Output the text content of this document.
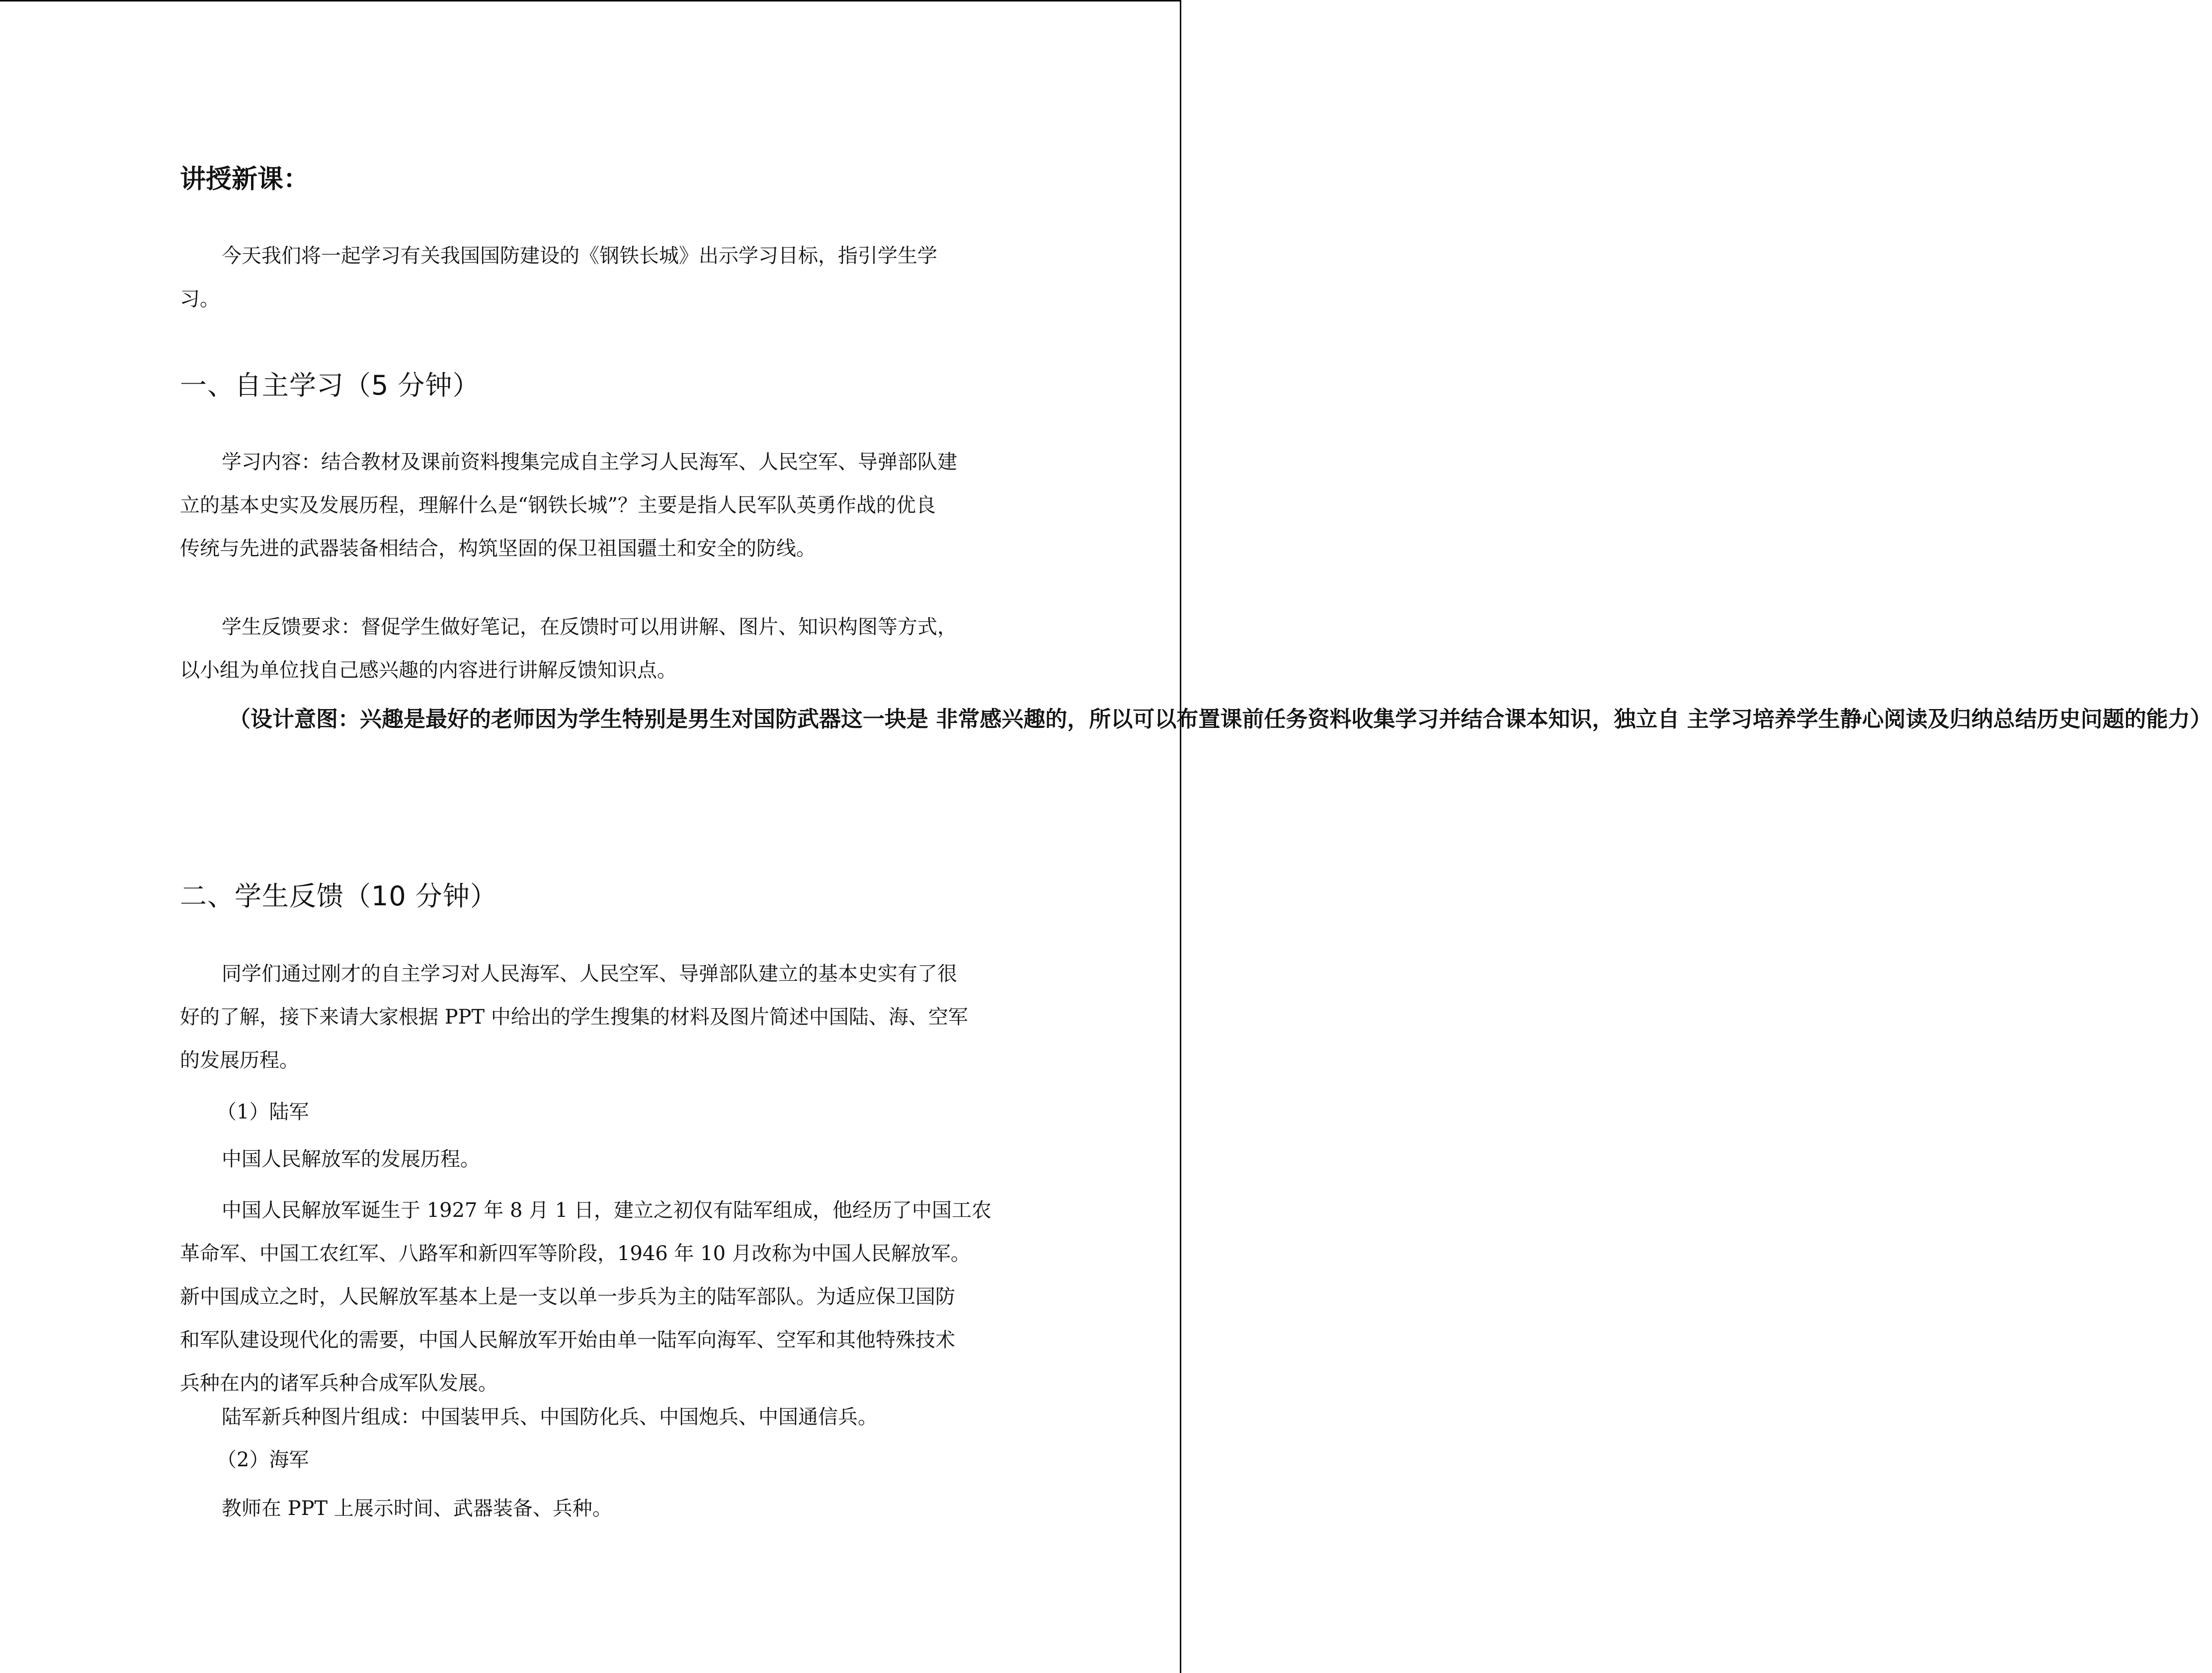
讲授新课：
今天我们将一起学习有关我国国防建设的《钢铁长城》出示学习目标，指引学生学
习。
一、自主学习（5 分钟）
学习内容：结合教材及课前资料搜集完成自主学习人民海军、人民空军、导弹部队建
立的基本史实及发展历程，理解什么是“钢铁长城”？主要是指人民军队英勇作战的优良
传统与先进的武器装备相结合，构筑坚固的保卫祖国疆土和安全的防线。
学生反馈要求：督促学生做好笔记，在反馈时可以用讲解、图片、知识构图等方式，
以小组为单位找自己感兴趣的内容进行讲解反馈知识点。
（设计意图：兴趣是最好的老师因为学生特别是男生对国防武器这一块是 非常感兴趣的，所以可以布置课前任务资料收集学习并结合课本知识，独立自 主学习培养学生静心阅读及归纳总结历史问题的能力）
二、学生反馈（10 分钟）
同学们通过刚才的自主学习对人民海军、人民空军、导弹部队建立的基本史实有了很
好的了解，接下来请大家根据 PPT 中给出的学生搜集的材料及图片简述中国陆、海、空军
的发展历程。
（1）陆军
中国人民解放军的发展历程。
中国人民解放军诞生于 1927 年 8 月 1 日，建立之初仅有陆军组成，他经历了中国工农
革命军、中国工农红军、八路军和新四军等阶段，1946 年 10 月改称为中国人民解放军。
新中国成立之时，人民解放军基本上是一支以单一步兵为主的陆军部队。为适应保卫国防
和军队建设现代化的需要，中国人民解放军开始由单一陆军向海军、空军和其他特殊技术
兵种在内的诸军兵种合成军队发展。
陆军新兵种图片组成：中国装甲兵、中国防化兵、中国炮兵、中国通信兵。
（2）海军
教师在 PPT 上展示时间、武器装备、兵种。
